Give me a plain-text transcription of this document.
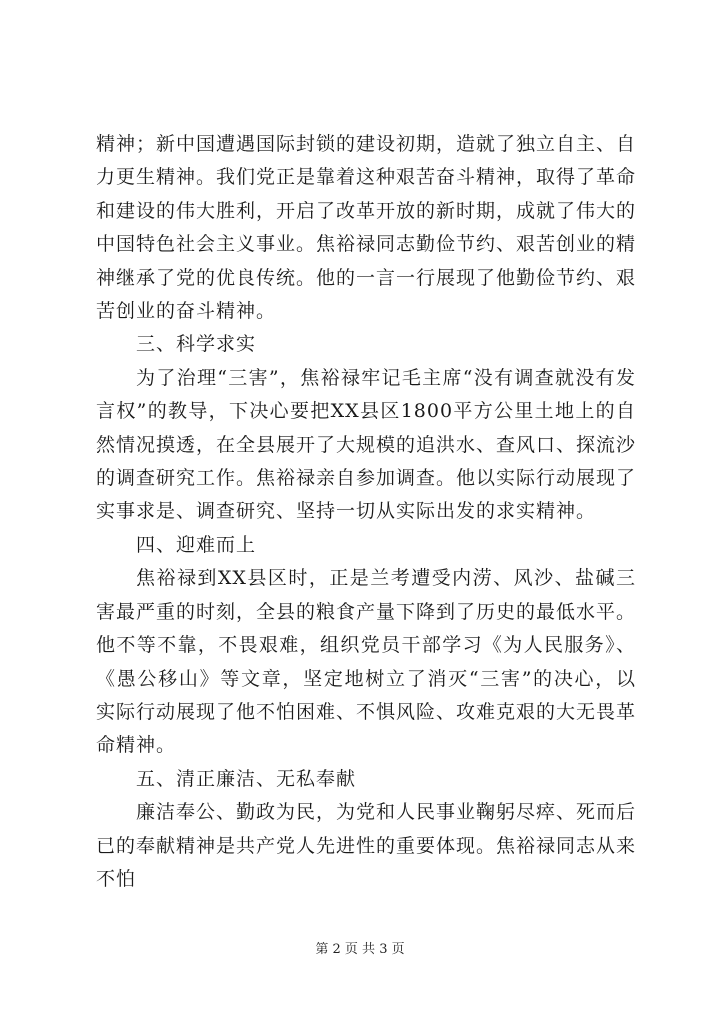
精神；新中国遭遇国际封锁的建设初期，造就了独立自主、自力更生精神。我们党正是靠着这种艰苦奋斗精神，取得了革命和建设的伟大胜利，开启了改革开放的新时期，成就了伟大的中国特色社会主义事业。焦裕禄同志勤俭节约、艰苦创业的精神继承了党的优良传统。他的一言一行展现了他勤俭节约、艰苦创业的奋斗精神。

三、科学求实

为了治理“三害”，焦裕禄牢记毛主席“没有调查就没有发言权”的教导，下决心要把XX县区1800平方公里土地上的自然情况摸透，在全县展开了大规模的追洪水、查风口、探流沙的调查研究工作。焦裕禄亲自参加调查。他以实际行动展现了实事求是、调查研究、坚持一切从实际出发的求实精神。

四、迎难而上

焦裕禄到XX县区时，正是兰考遭受内涝、风沙、盐碱三害最严重的时刻，全县的粮食产量下降到了历史的最低水平。他不等不靠，不畏艰难，组织党员干部学习《为人民服务》、《愚公移山》等文章，坚定地树立了消灭“三害”的决心，以实际行动展现了他不怕困难、不惧风险、攻难克艰的大无畏革命精神。

五、清正廉洁、无私奉献

廉洁奉公、勤政为民，为党和人民事业鞠躬尽瘁、死而后已的奉献精神是共产党人先进性的重要体现。焦裕禄同志从来不怕

第 2 页 共 3 页
